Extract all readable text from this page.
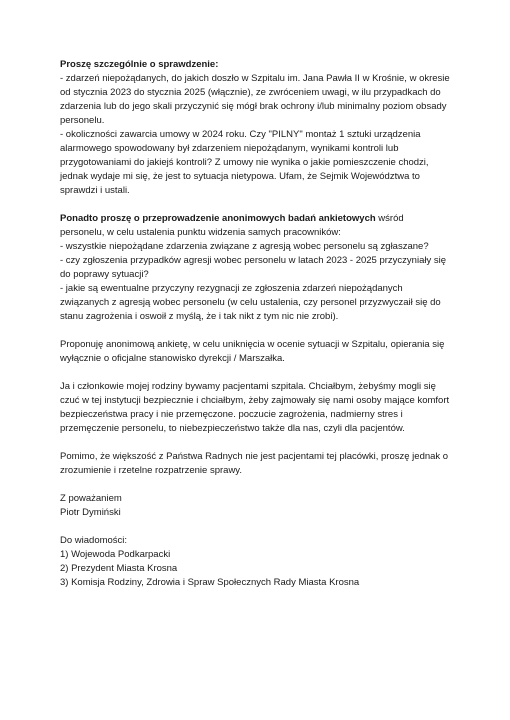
Proszę szczególnie o sprawdzenie:
- zdarzeń niepożądanych, do jakich doszło w Szpitalu im. Jana Pawła II w Krośnie, w okresie
od stycznia 2023 do stycznia 2025 (włącznie), ze zwróceniem uwagi, w ilu przypadkach do
zdarzenia lub do jego skali przyczynić się mógł brak ochrony i/lub minimalny poziom obsady
personelu.
- okoliczności zawarcia umowy w 2024 roku. Czy "PILNY" montaż 1 sztuki urządzenia
alarmowego spowodowany był zdarzeniem niepożądanym, wynikami kontroli lub
przygotowaniami do jakiejś kontroli? Z umowy nie wynika o jakie pomieszczenie chodzi,
jednak wydaje mi się, że jest to sytuacja nietypowa. Ufam, że Sejmik Województwa to
sprawdzi i ustali.
Ponadto proszę o przeprowadzenie anonimowych badań ankietowych wśród
personelu, w celu ustalenia punktu widzenia samych pracowników:
- wszystkie niepożądane zdarzenia związane z agresją wobec personelu są zgłaszane?
- czy zgłoszenia przypadków agresji wobec personelu w latach 2023 - 2025 przyczyniały się
do poprawy sytuacji?
- jakie są ewentualne przyczyny rezygnacji ze zgłoszenia zdarzeń niepożądanych
związanych z agresją wobec personelu (w celu ustalenia, czy personel przyzwyczaił się do
stanu zagrożenia i oswoił z myślą, że i tak nikt z tym nic nie zrobi).
Proponuję anonimową ankietę, w celu uniknięcia w ocenie sytuacji w Szpitalu, opierania się
wyłącznie o oficjalne stanowisko dyrekcji / Marszałka.
Ja i członkowie mojej rodziny bywamy pacjentami szpitala. Chciałbym, żebyśmy mogli się
czuć w tej instytucji bezpiecznie i chciałbym, żeby zajmowały się nami osoby mające komfort
bezpieczeństwa pracy i nie przemęczone. poczucie zagrożenia, nadmierny stres i
przemęczenie personelu, to niebezpieczeństwo także dla nas, czyli dla pacjentów.
Pomimo, że większość z Państwa Radnych nie jest pacjentami tej placówki, proszę jednak o
zrozumienie i rzetelne rozpatrzenie sprawy.
Z poważaniem
Piotr Dymiński
Do wiadomości:
1) Wojewoda Podkarpacki
2) Prezydent Miasta Krosna
3) Komisja Rodziny, Zdrowia i Spraw Społecznych Rady Miasta Krosna
